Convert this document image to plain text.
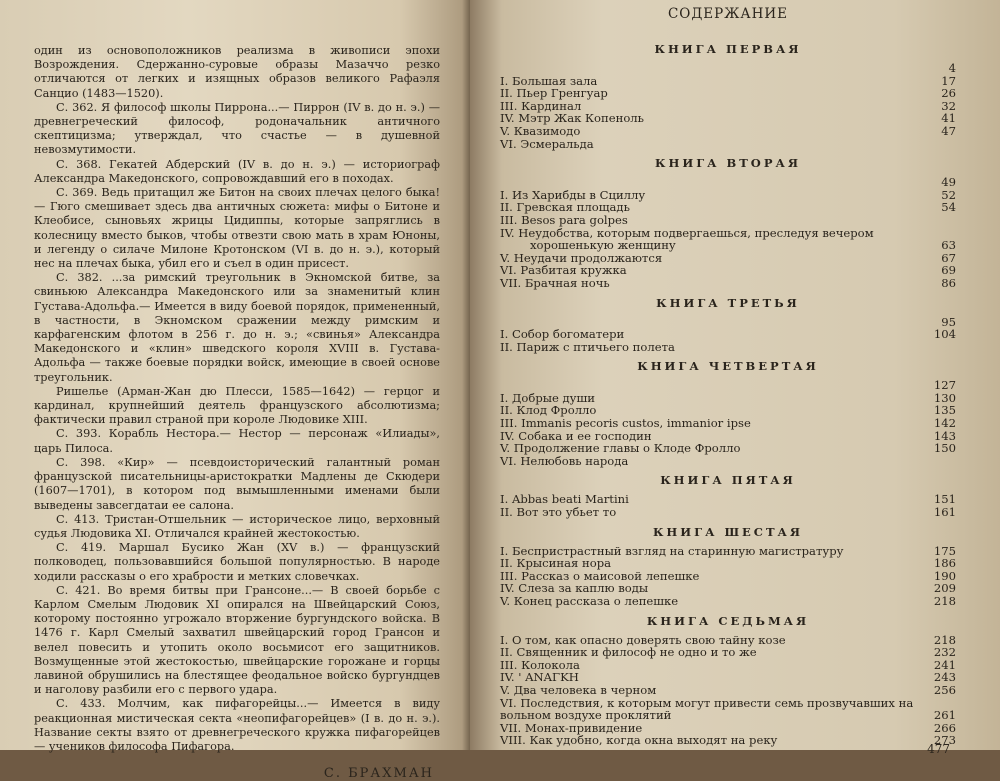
один из основоположников реализма в живописи эпохи Возрождения. Сдержанно-суровые образы Мазаччо резко отличаются от легких и изящных образов великого Рафаэля Санцио (1483—1520).

С. 362. Я философ школы Пиррона...— Пиррон (IV в. до н. э.) — древнегреческий философ, родоначальник античного скептицизма; утверждал, что счастье — в душевной невозмутимости.

С. 368. Гекатей Абдерский (IV в. до н. э.) — историограф Александра Македонского, сопровождавший его в походах.

С. 369. Ведь притащил же Битон на своих плечах целого быка! — Гюго смешивает здесь два античных сюжета: мифы о Битоне и Клеобисе, сыновьях жрицы Цидиппы, которые запряглись в колесницу вместо быков, чтобы отвезти свою мать в храм Юноны, и легенду о силаче Милоне Кротонском (VI в. до н. э.), который нес на плечах быка, убил его и съел в один присест.

С. 382. ...за римский треугольник в Экномской битве, за свиньюю Александра Македонского или за знаменитый клин Густава-Адольфа.— Имеется в виду боевой порядок, примененный, в частности, в Экномском сражении между римским и карфагенским флотом в 256 г. до н. э.; «свинья» Александра Македонского и «клин» шведского короля XVIII в. Густава-Адольфа — также боевые порядки войск, имеющие в своей основе треугольник.

Ришелье (Арман-Жан дю Плесси, 1585—1642) — герцог и кардинал, крупнейший деятель французского абсолютизма; фактически правил страной при короле Людовике XIII.

С. 393. Корабль Нестора.— Нестор — персонаж «Илиады», царь Пилоса.

С. 398. «Кир» — псевдоисторический галантный роман французской писательницы-аристократки Мадлены де Скюдери (1607—1701), в котором под вымышленными именами были выведены завсегдатаи ее салона.

С. 413. Тристан-Отшельник — историческое лицо, верховный судья Людовика XI. Отличался крайней жестокостью.

С. 419. Маршал Бусико Жан (XV в.) — французский полководец, пользовавшийся большой популярностью. В народе ходили рассказы о его храбрости и метких словечках.

С. 421. Во время битвы при Грансоне...— В своей борьбе с Карлом Смелым Людовик XI опирался на Швейцарский Союз, которому постоянно угрожало вторжение бургундского войска. В 1476 г. Карл Смелый захватил швейцарский город Грансон и велел повесить и утопить около восьмисот его защитников. Возмущенные этой жестокостью, швейцарские горожане и горцы лавиной обрушились на блестящее феодальное войско бургундцев и наголову разбили его с первого удара.

С. 433. Молчим, как пифагорейцы...— Имеется в виду реакционная мистическая секта «неопифагорейцев» (I в. до н. э.). Название секты взято от древнегреческого кружка пифагорейцев — учеников философа Пифагора.

С. БРАХМАН
СОДЕРЖАНИЕ
КНИГА ПЕРВАЯ
4
I. Большая зала	17
II. Пьер Гренгуар	26
III. Кардинал	32
IV. Мэтр Жак Копеноль	41
V. Квазимодо	47
VI. Эсмеральда
КНИГА ВТОРАЯ
49
I. Из Харибды в Сциллу	52
II. Гревская площадь	54
III. Besos para golpes
IV. Неудобства, которым подвергаешься, преследуя вечером
хорошенькую женщину	63
V. Неудачи продолжаются	67
VI. Разбитая кружка	69
VII. Брачная ночь	86
КНИГА ТРЕТЬЯ
95
I. Собор богоматери	104
II. Париж с птичьего полета
КНИГА ЧЕТВЕРТАЯ
127
I. Добрые души	130
II. Клод Фролло	135
III. Immanis pecoris custos, immanior ipse	142
IV. Собака и ее господин	143
V. Продолжение главы о Клоде Фролло	150
VI. Нелюбовь народа
КНИГА ПЯТАЯ
I. Abbas beati Martini	151
II. Вот это убьет то	161
КНИГА ШЕСТАЯ
I. Беспристрастный взгляд на старинную магистратуру	175
II. Крысиная нора	186
III. Рассказ о маисовой лепешке	190
IV. Слеза за каплю воды	209
V. Конец рассказа о лепешке	218
КНИГА СЕДЬМАЯ
I. О том, как опасно доверять свою тайну козе	218
II. Священник и философ не одно и то же	232
III. Колокола	241
IV. ' ANAΓKH	243
V. Два человека в черном	256
VI. Последствия, к которым могут привести семь прозвучавших на вольном воздухе проклятий	261
VII. Монах-привидение	266
VIII. Как удобно, когда окна выходят на реку	273
477
